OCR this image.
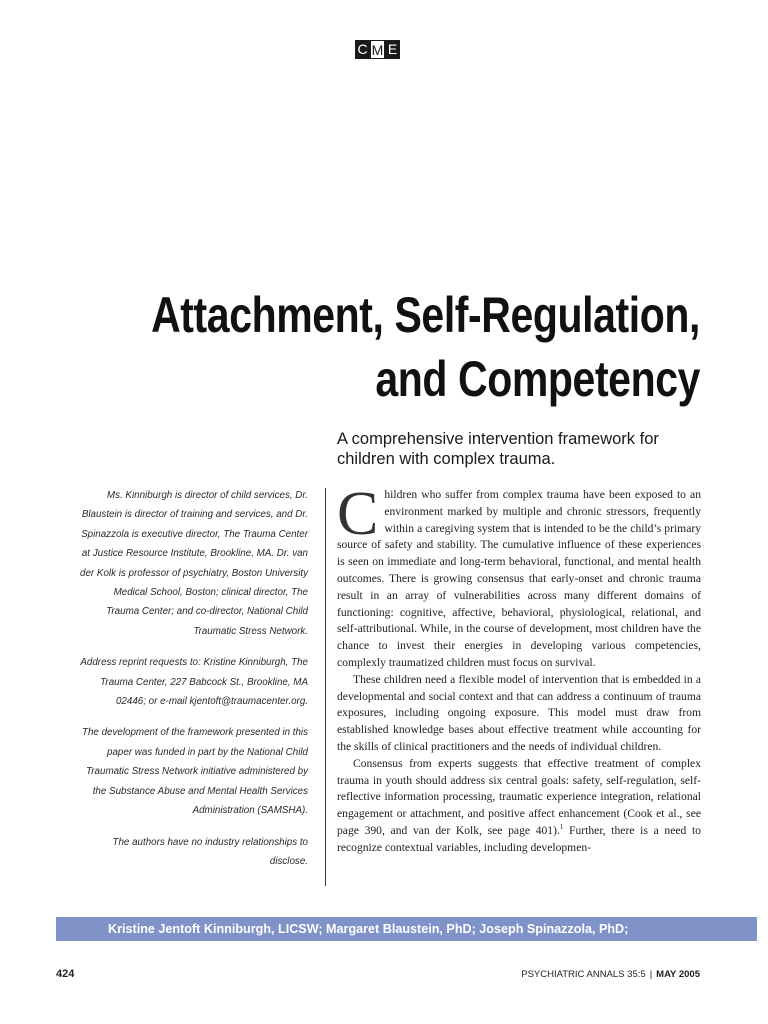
C M E
Attachment, Self-Regulation,
and Competency
A comprehensive intervention framework for
children with complex trauma.

Ms. Kinniburgh is director of child services, Dr. Blaustein is director of training and services, and Dr. Spinazzola is executive director, The Trauma Center at Justice Resource Institute, Brookline, MA. Dr. van der Kolk is professor of psychiatry, Boston University Medical School, Boston; clinical director, The Trauma Center; and co-director, National Child Traumatic Stress Network.

Address reprint requests to: Kristine Kinniburgh, The Trauma Center, 227 Babcock St., Brookline, MA 02446; or e-mail kjentoft@traumacenter.org.

The development of the framework presented in this paper was funded in part by the National Child Traumatic Stress Network initiative administered by the Substance Abuse and Mental Health Services Administration (SAMSHA).

The authors have no industry relationships to disclose.

Children who suffer from complex trauma have been exposed to an environment marked by multiple and chronic stressors, frequently within a caregiving system that is intended to be the child’s primary source of safety and stability. The cumulative influence of these experiences is seen on immediate and long-term behavioral, functional, and mental health outcomes. There is growing consensus that early-onset and chronic trauma result in an array of vulnerabilities across many different domains of functioning: cognitive, affective, behavioral, physiological, relational, and self-attributional. While, in the course of development, most children have the chance to invest their energies in developing various competencies, complexly traumatized children must focus on survival.

These children need a flexible model of intervention that is embedded in a developmental and social context and that can address a continuum of trauma exposures, including ongoing exposure. This model must draw from established knowledge bases about effective treatment while accounting for the skills of clinical practitioners and the needs of individual children.

Consensus from experts suggests that effective treatment of complex trauma in youth should address six central goals: safety, self-regulation, self-reflective information processing, traumatic experience integration, relational engagement or attachment, and positive affect enhancement (Cook et al., see page 390, and van der Kolk, see page 401).$^1$ Further, there is a need to recognize contextual variables, including developmen-

Kristine Jentoft Kinniburgh, LICSW; Margaret Blaustein, PhD; Joseph Spinazzola, PhD;
424	PSYCHIATRIC ANNALS 35:5 | MAY 2005
